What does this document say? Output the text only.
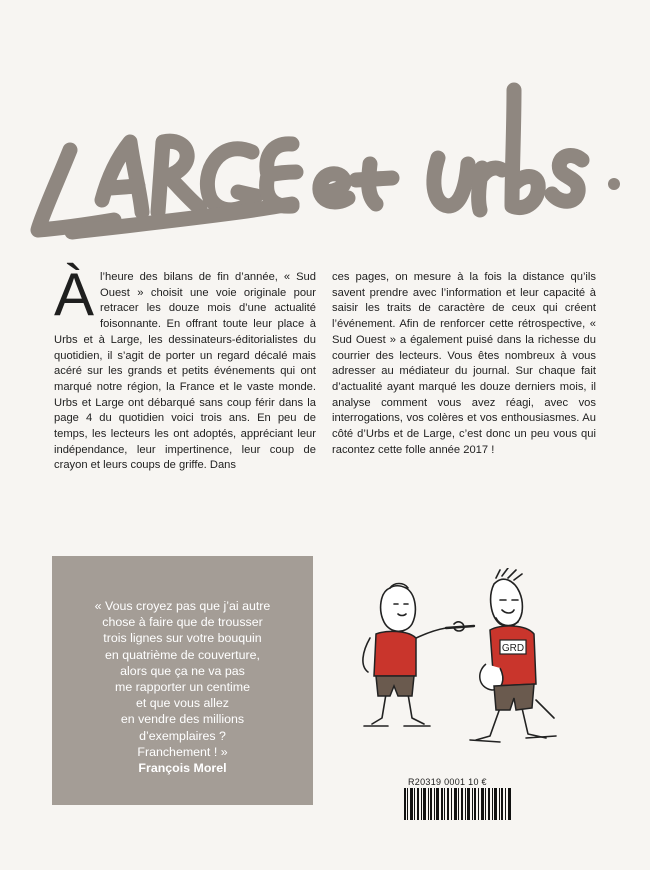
LARGEetUrbs
Àl’heure des bilans de fin d’année, « Sud Ouest » choisit une voie originale pour retracer les douze mois d’une actualité foisonnante. En offrant toute leur place à Urbs et à Large, les dessinateurs-éditorialistes du quotidien, il s’agit de porter un regard décalé mais acéré sur les grands et petits événements qui ont marqué notre région, la France et le vaste monde. Urbs et Large ont débarqué sans coup férir dans la page 4 du quotidien voici trois ans. En peu de temps, les lecteurs les ont adoptés, appréciant leur indépendance, leur impertinence, leur coup de crayon et leurs coups de griffe. Dans
ces pages, on mesure à la fois la distance qu’ils savent prendre avec l’information et leur capacité à saisir les traits de caractère de ceux qui créent l’événement. Afin de renforcer cette rétrospective, « Sud Ouest » a également puisé dans la richesse du courrier des lecteurs. Vous êtes nombreux à vous adresser au médiateur du journal. Sur chaque fait d’actualité ayant marqué les douze derniers mois, il analyse comment vous avez réagi, avec vos interrogations, vos colères et vos enthousiasmes. Au côté d’Urbs et de Large, c’est donc un peu vous qui racontez cette folle année 2017 !
« Vous croyez pas que j’ai autre
chose à faire que de trousser
trois lignes sur votre bouquin
en quatrième de couverture,
alors que ça ne va pas
me rapporter un centime
et que vous allez
en vendre des millions
d’exemplaires ?
Franchement ! »
François Morel
GRD
R20319 0001 10 €
